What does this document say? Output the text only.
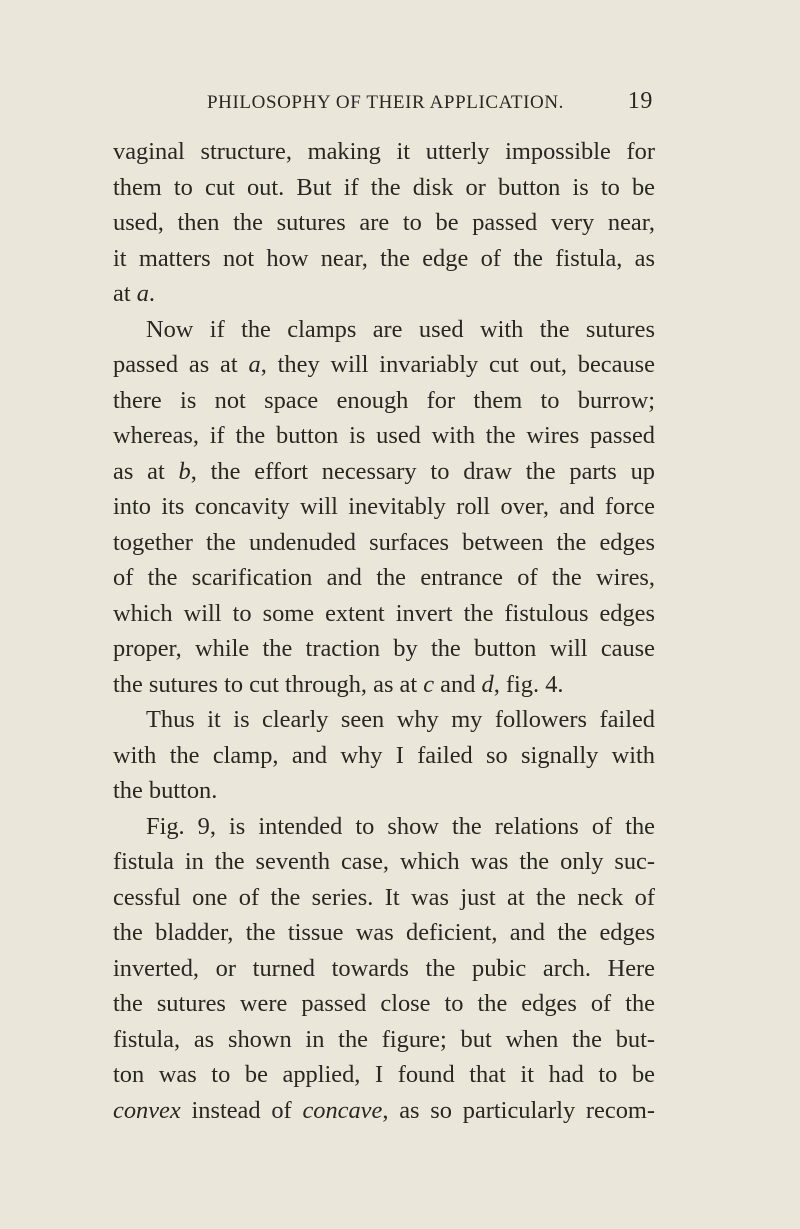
PHILOSOPHY OF THEIR APPLICATION.	19
vaginal structure, making it utterly impossible for
them to cut out. But if the disk or button is to be
used, then the sutures are to be passed very near,
it matters not how near, the edge of the fistula, as
at a.
Now if the clamps are used with the sutures
passed as at a, they will invariably cut out, because
there is not space enough for them to burrow;
whereas, if the button is used with the wires passed
as at b, the effort necessary to draw the parts up
into its concavity will inevitably roll over, and force
together the undenuded surfaces between the edges
of the scarification and the entrance of the wires,
which will to some extent invert the fistulous edges
proper, while the traction by the button will cause
the sutures to cut through, as at c and d, fig. 4.
Thus it is clearly seen why my followers failed
with the clamp, and why I failed so signally with
the button.
Fig. 9, is intended to show the relations of the
fistula in the seventh case, which was the only suc-
cessful one of the series. It was just at the neck of
the bladder, the tissue was deficient, and the edges
inverted, or turned towards the pubic arch. Here
the sutures were passed close to the edges of the
fistula, as shown in the figure; but when the but-
ton was to be applied, I found that it had to be
convex instead of concave, as so particularly recom-
